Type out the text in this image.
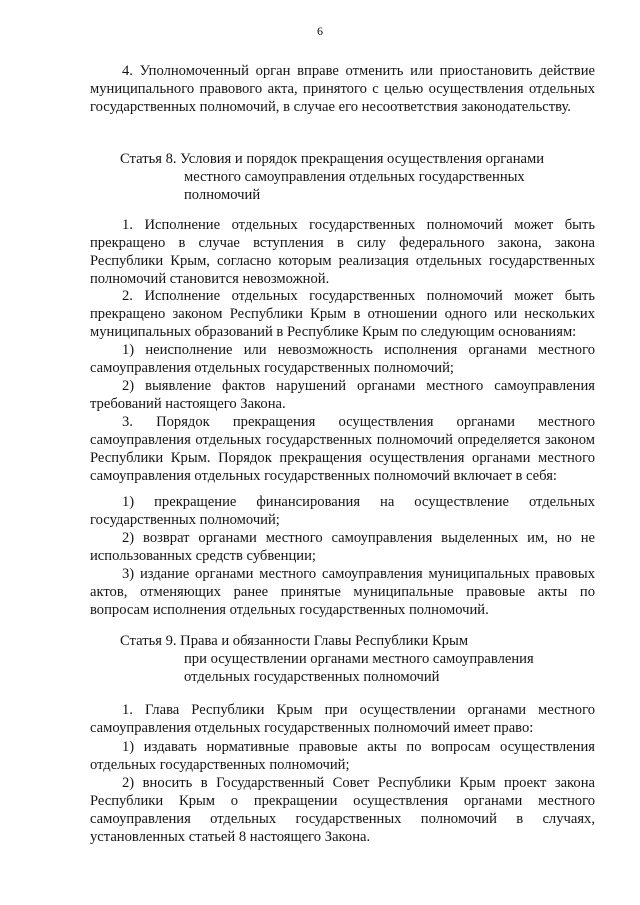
6
4. Уполномоченный орган вправе отменить или приостановить действие муниципального правового акта, принятого с целью осуществления отдельных государственных полномочий, в случае его несоответствия законодательству.
Статья 8. Условия и порядок прекращения осуществления органами
местного самоуправления отдельных государственных
полномочий
1. Исполнение отдельных государственных полномочий может быть прекращено в случае вступления в силу федерального закона, закона Республики Крым, согласно которым реализация отдельных государственных полномочий становится невозможной.
2. Исполнение отдельных государственных полномочий может быть прекращено законом Республики Крым в отношении одного или нескольких муниципальных образований в Республике Крым по следующим основаниям:
1) неисполнение или невозможность исполнения органами местного самоуправления отдельных государственных полномочий;
2) выявление фактов нарушений органами местного самоуправления требований настоящего Закона.
3. Порядок прекращения осуществления органами местного самоуправления отдельных государственных полномочий определяется законом Республики Крым. Порядок прекращения осуществления органами местного самоуправления отдельных государственных полномочий включает в себя:
1) прекращение финансирования на осуществление отдельных государственных полномочий;
2) возврат органами местного самоуправления выделенных им, но не использованных средств субвенции;
3) издание органами местного самоуправления муниципальных правовых актов, отменяющих ранее принятые муниципальные правовые акты по вопросам исполнения отдельных государственных полномочий.
Статья 9. Права и обязанности Главы Республики Крым
при осуществлении органами местного самоуправления
отдельных государственных полномочий
1. Глава Республики Крым при осуществлении органами местного самоуправления отдельных государственных полномочий имеет право:
1) издавать нормативные правовые акты по вопросам осуществления отдельных государственных полномочий;
2) вносить в Государственный Совет Республики Крым проект закона Республики Крым о прекращении осуществления органами местного самоуправления отдельных государственных полномочий в случаях, установленных статьей 8 настоящего Закона.
